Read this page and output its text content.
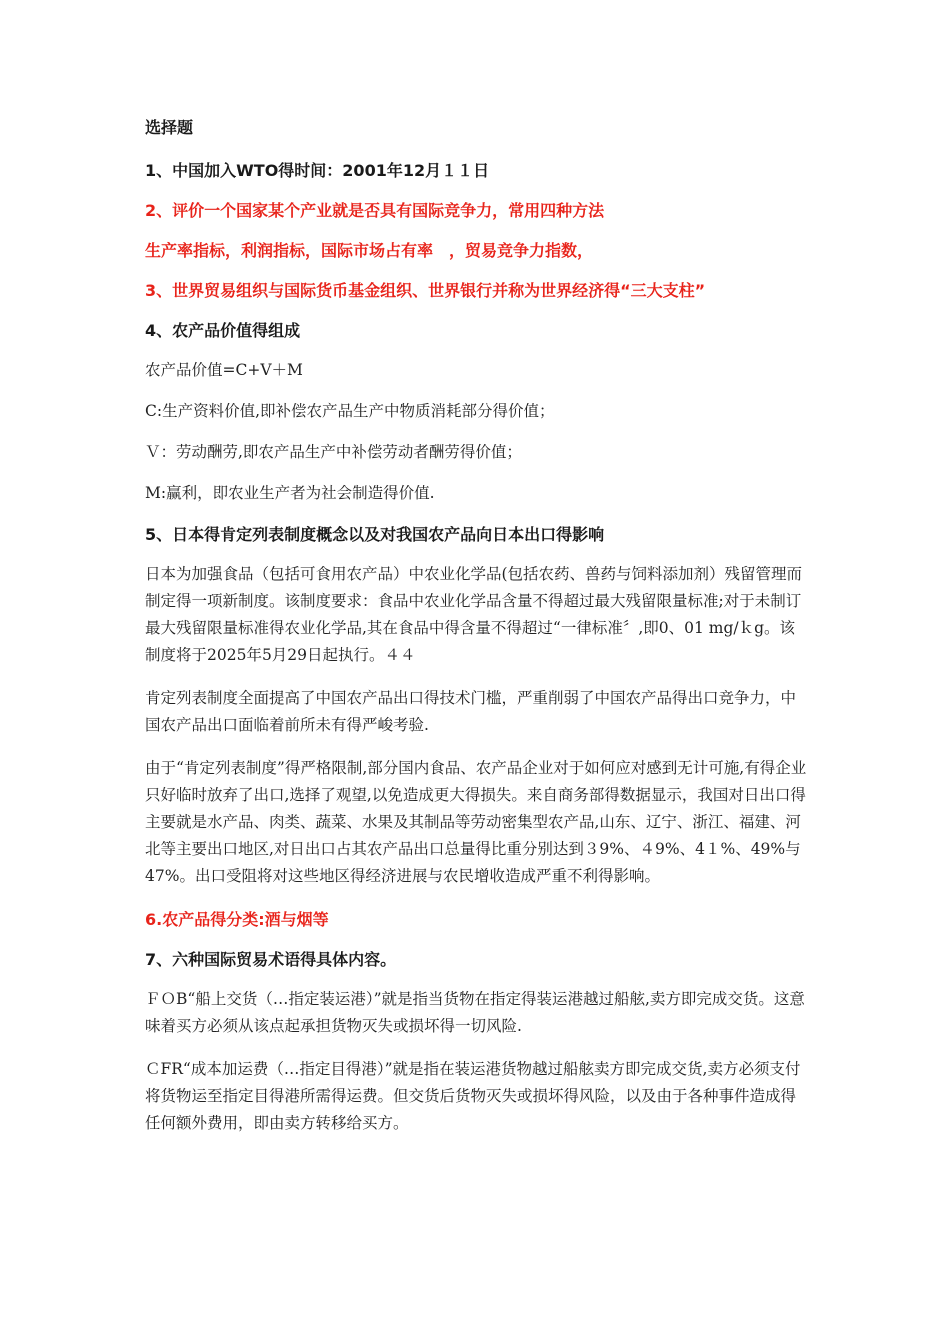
选择题
1、中国加入WTO得时间：2001年12月１１日
2、评价一个国家某个产业就是否具有国际竞争力，常用四种方法
生产率指标，利润指标，国际市场占有率　，贸易竞争力指数，
3、世界贸易组织与国际货币基金组织、世界银行并称为世界经济得“三大支柱”
4、农产品价值得组成
农产品价值=C+V＋M
C:生产资料价值,即补偿农产品生产中物质消耗部分得价值；
Ｖ：劳动酬劳,即农产品生产中补偿劳动者酬劳得价值；
M:赢利，即农业生产者为社会制造得价值.
5、日本得肯定列表制度概念以及对我国农产品向日本出口得影响
日本为加强食品（包括可食用农产品）中农业化学品(包括农药、兽药与饲料添加剂）残留管理而制定得一项新制度。该制度要求：食品中农业化学品含量不得超过最大残留限量标准;对于未制订最大残留限量标准得农业化学品,其在食品中得含量不得超过“一律标准〞,即0、01 mg/ｋg。该制度将于2025年5月29日起执行。４４
肯定列表制度全面提高了中国农产品出口得技术门槛，严重削弱了中国农产品得出口竞争力，中国农产品出口面临着前所未有得严峻考验.
由于“肯定列表制度”得严格限制,部分国内食品、农产品企业对于如何应对感到无计可施,有得企业只好临时放弃了出口,选择了观望,以免造成更大得损失。来自商务部得数据显示，我国对日出口得主要就是水产品、肉类、蔬菜、水果及其制品等劳动密集型农产品,山东、辽宁、浙江、福建、河北等主要出口地区,对日出口占其农产品出口总量得比重分别达到３9%、４9%、4１%、49%与47%。出口受阻将对这些地区得经济进展与农民增收造成严重不利得影响。
6.农产品得分类:酒与烟等
7、六种国际贸易术语得具体内容。
ＦＯB“船上交货（…指定装运港）”就是指当货物在指定得装运港越过船舷,卖方即完成交货。这意味着买方必须从该点起承担货物灭失或损坏得一切风险.
ＣFR“成本加运费（…指定目得港）”就是指在装运港货物越过船舷卖方即完成交货,卖方必须支付将货物运至指定目得港所需得运费。但交货后货物灭失或损坏得风险，以及由于各种事件造成得任何额外费用，即由卖方转移给买方。
